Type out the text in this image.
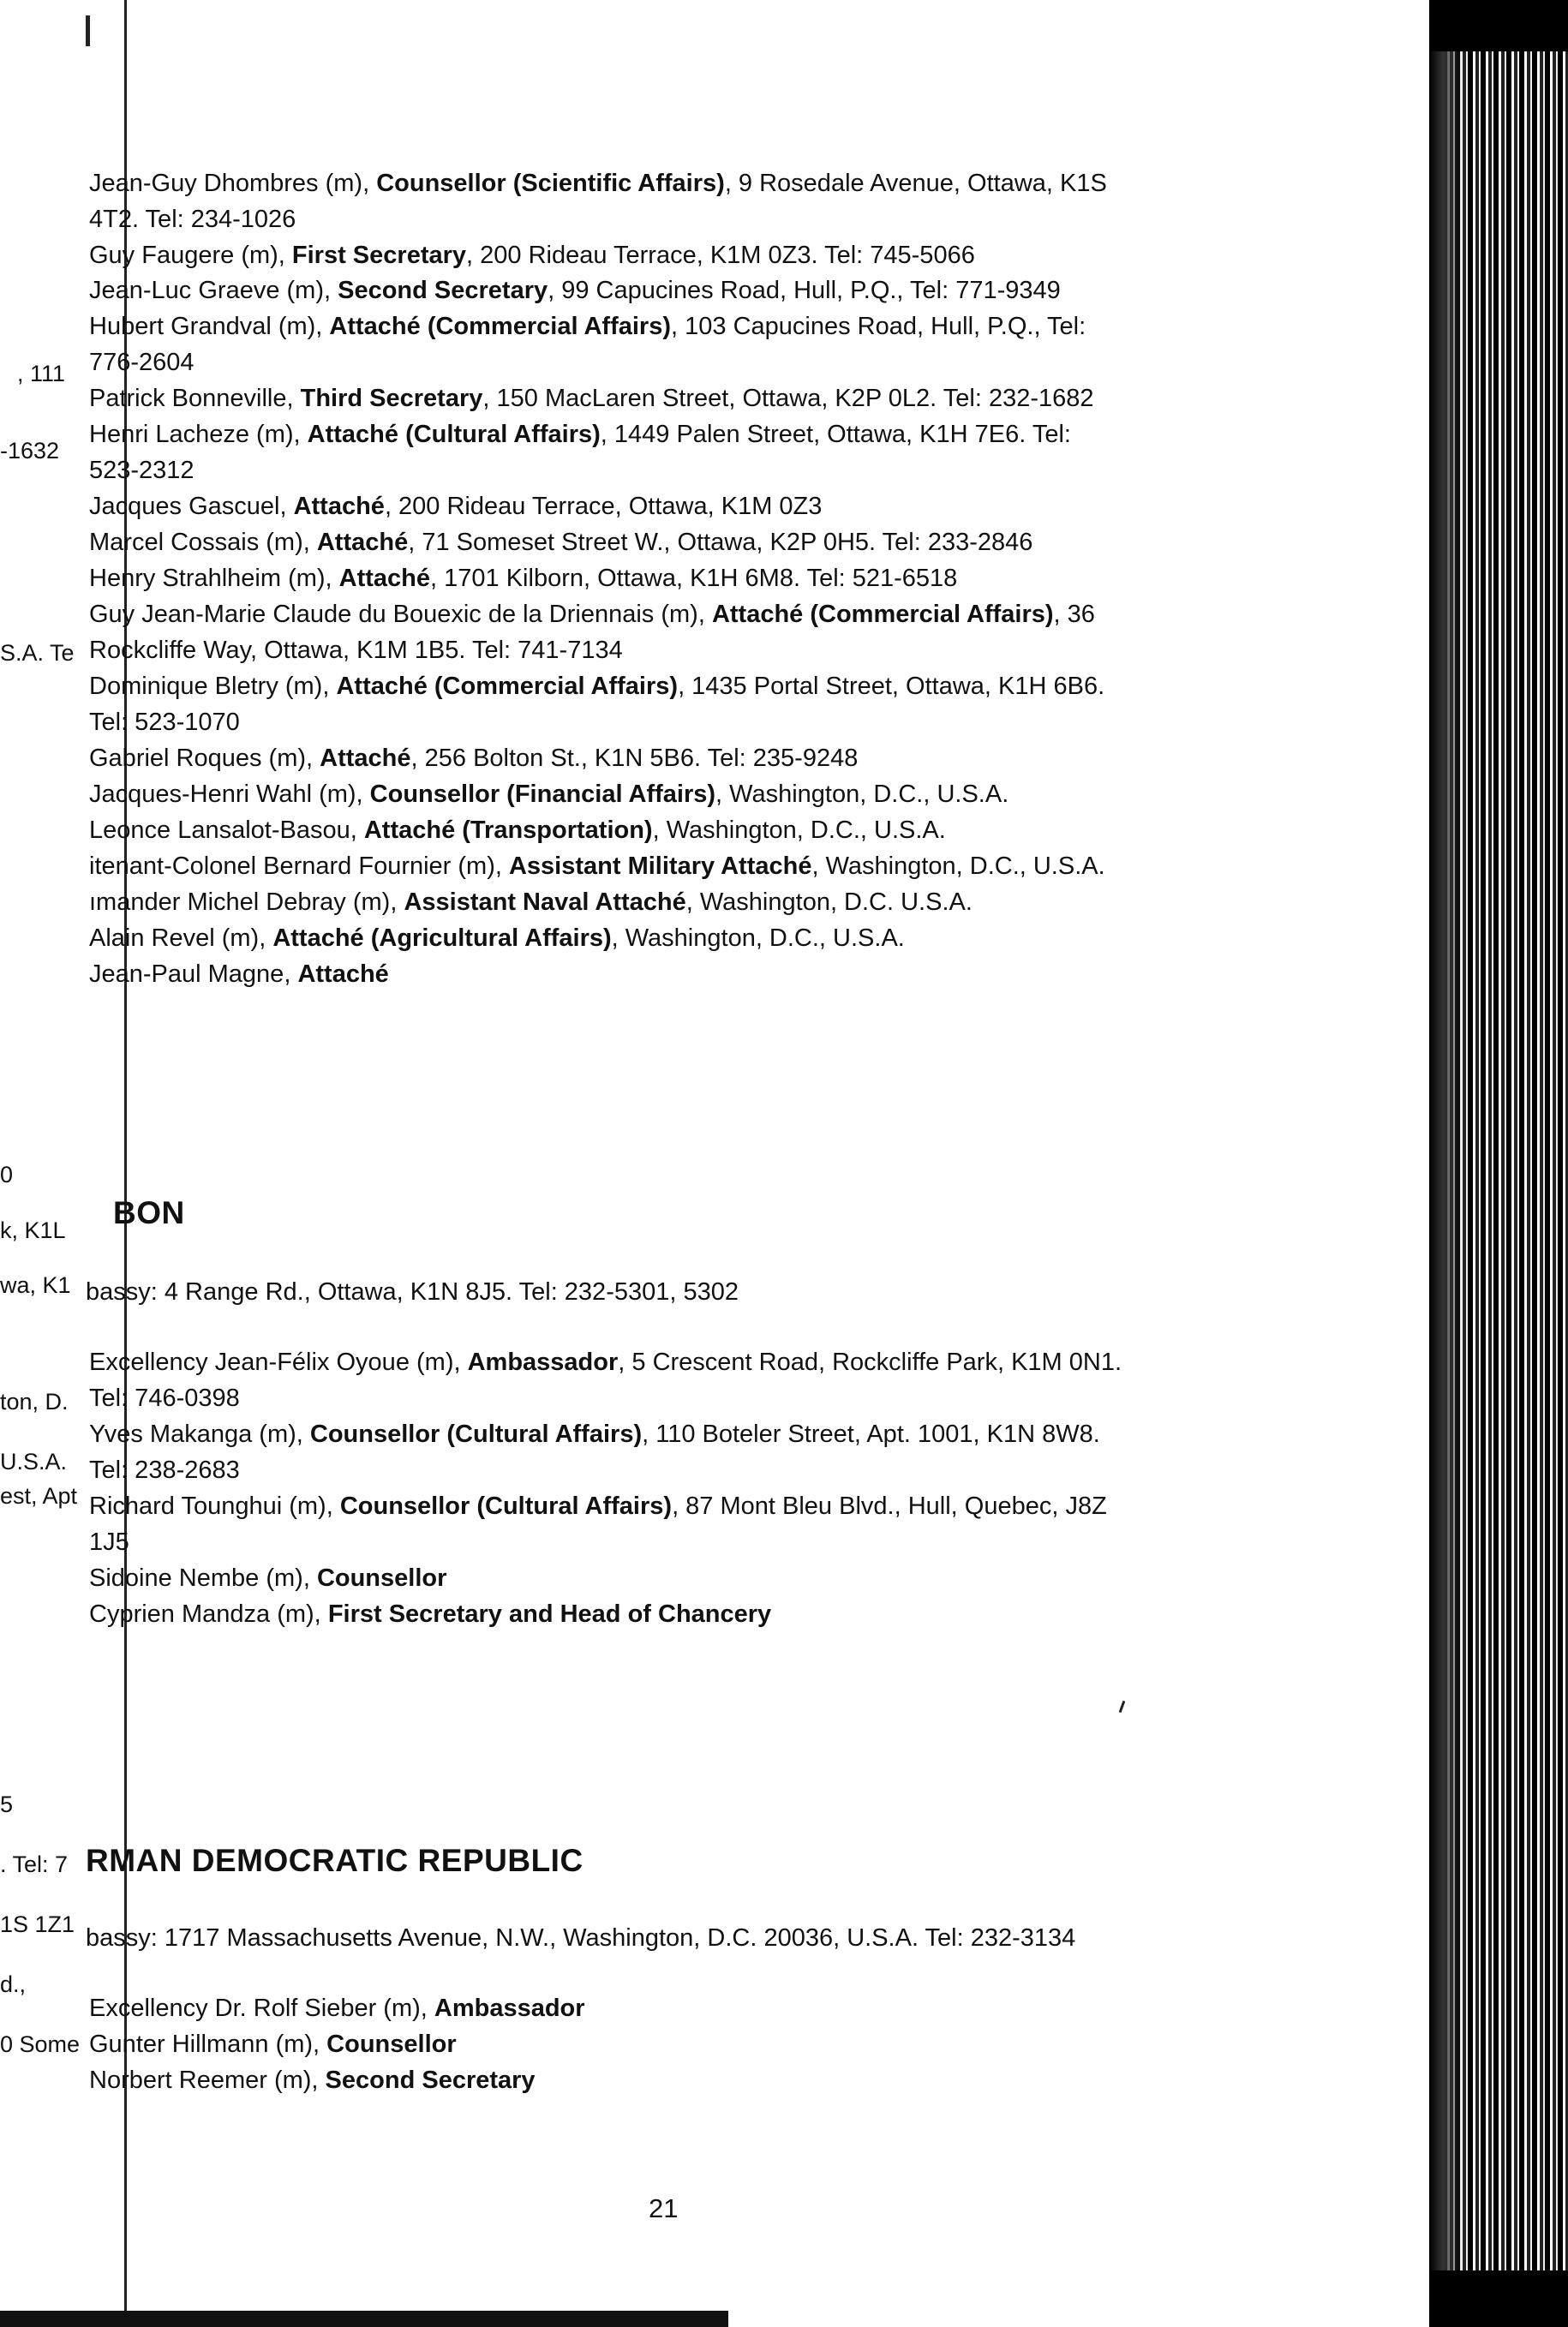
Jean-Guy Dhombres (m), Counsellor (Scientific Affairs), 9 Rosedale Avenue, Ottawa, K1S
4T2. Tel: 234-1026
Guy Faugere (m), First Secretary, 200 Rideau Terrace, K1M 0Z3. Tel: 745-5066
Jean-Luc Graeve (m), Second Secretary, 99 Capucines Road, Hull, P.Q., Tel: 771-9349
Hubert Grandval (m), Attaché (Commercial Affairs), 103 Capucines Road, Hull, P.Q., Tel:
776-2604
Patrick Bonneville, Third Secretary, 150 MacLaren Street, Ottawa, K2P 0L2. Tel: 232-1682
Henri Lacheze (m), Attaché (Cultural Affairs), 1449 Palen Street, Ottawa, K1H 7E6. Tel:
523-2312
Jacques Gascuel, Attaché, 200 Rideau Terrace, Ottawa, K1M 0Z3
Marcel Cossais (m), Attaché, 71 Someset Street W., Ottawa, K2P 0H5. Tel: 233-2846
Henry Strahlheim (m), Attaché, 1701 Kilborn, Ottawa, K1H 6M8. Tel: 521-6518
Guy Jean-Marie Claude du Bouexic de la Driennais (m), Attaché (Commercial Affairs), 36
Rockcliffe Way, Ottawa, K1M 1B5. Tel: 741-7134
Dominique Bletry (m), Attaché (Commercial Affairs), 1435 Portal Street, Ottawa, K1H 6B6.
Tel: 523-1070
Gabriel Roques (m), Attaché, 256 Bolton St., K1N 5B6. Tel: 235-9248
Jacques-Henri Wahl (m), Counsellor (Financial Affairs), Washington, D.C., U.S.A.
Leonce Lansalot-Basou, Attaché (Transportation), Washington, D.C., U.S.A.
itenant-Colonel Bernard Fournier (m), Assistant Military Attaché, Washington, D.C., U.S.A.
ımander Michel Debray (m), Assistant Naval Attaché, Washington, D.C. U.S.A.
Alain Revel (m), Attaché (Agricultural Affairs), Washington, D.C., U.S.A.
Jean-Paul Magne, Attaché
BON
bassy: 4 Range Rd., Ottawa, K1N 8J5. Tel: 232-5301, 5302
Excellency Jean-Félix Oyoue (m), Ambassador, 5 Crescent Road, Rockcliffe Park, K1M 0N1.
Tel: 746-0398
Yves Makanga (m), Counsellor (Cultural Affairs), 110 Boteler Street, Apt. 1001, K1N 8W8.
Tel: 238-2683
Richard Tounghui (m), Counsellor (Cultural Affairs), 87 Mont Bleu Blvd., Hull, Quebec, J8Z
1J5
Sidoine Nembe (m), Counsellor
Cyprien Mandza (m), First Secretary and Head of Chancery
RMAN DEMOCRATIC REPUBLIC
bassy: 1717 Massachusetts Avenue, N.W., Washington, D.C. 20036, U.S.A. Tel: 232-3134
Excellency Dr. Rolf Sieber (m), Ambassador
Gunter Hillmann (m), Counsellor
Norbert Reemer (m), Second Secretary
, 111
-1632
S.A. Te
0
k, K1L
wa, K1
ton, D.
U.S.A.
est, Apt
5
. Tel: 7
1S 1Z1
d.,
0 Some
21
